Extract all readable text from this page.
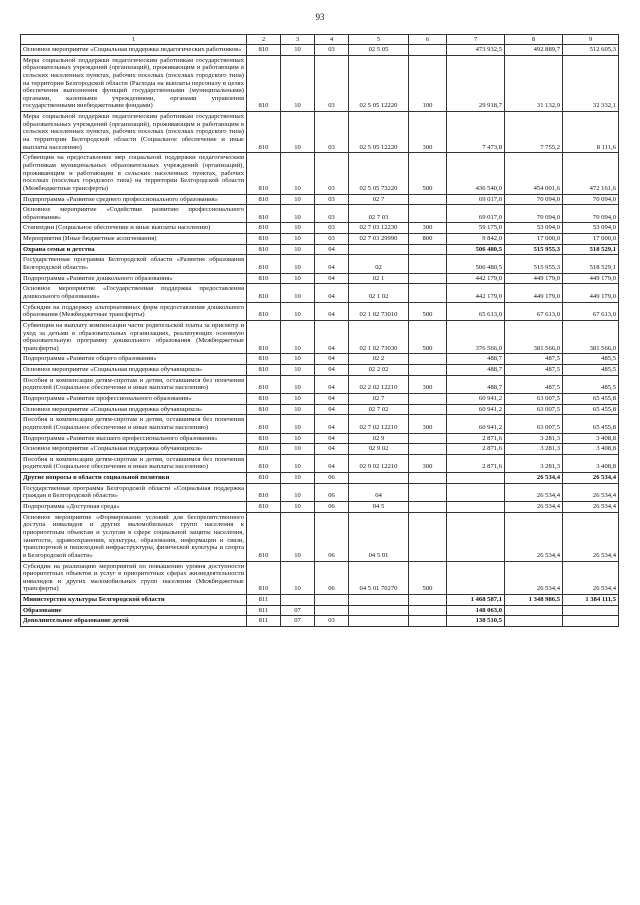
93
1	2	3	4	5	6	7	8	9
Основное мероприятие «Социальная поддержка педагогических работников»	810	10	03	02 5 05		473 932,5	492 889,7	512 605,3
Меры социальной поддержки педагогическим работникам государственных образовательных учреждений (организаций), проживающим и работающим в сельских населенных пунктах, рабочих поселках (поселках городского типа) на территории Белгородской области (Расходы на выплаты персоналу в целях обеспечения выполнения функций государственными (муниципальными) органами, казенными учреждениями, органами управления государственными внебюджетными фондами)	810	10	03	02 5 05 12220	100	29 918,7	31 132,9	32 332,1
Меры социальной поддержки педагогическим работникам государственных образовательных учреждений (организаций), проживающим и работающим в сельских населенных пунктах, рабочих поселках (поселках городского типа) на территории Белгородской области (Социальное обеспечение и иные выплаты населению)	810	10	03	02 5 05 12220	300	7 473,8	7 755,2	8 111,6
Субвенции на предоставление мер социальной поддержки педагогическим работникам муниципальных образовательных учреждений (организаций), проживающим и работающим в сельских населенных пунктах, рабочих поселках (поселках городского типа) на территории Белгородской области (Межбюджетные трансферты)	810	10	03	02 5 05 73220	500	436 540,0	454 001,6	472 161,6
Подпрограмма «Развитие среднего профессионального образования»	810	10	03	02 7		69 017,0	70 094,0	70 094,0
Основное мероприятие «Содействие развитию профессионального образования»	810	10	03	02 7 03		69 017,0	70 094,0	70 094,0
Стипендии (Социальное обеспечение и иные выплаты населению)	810	10	03	02 7 03 12230	300	59 175,0	53 094,0	53 094,0
Мероприятия (Иные бюджетные ассигнования)	810	10	03	02 7 03 29990	800	9 842,0	17 000,0	17 000,0
Охрана семьи и детства	810	10	04			506 480,5	515 955,3	518 529,1
Государственная программа Белгородской области «Развитие образования Белгородской области»	810	10	04	02		506 480,5	515 955,3	518 529,1
Подпрограмма «Развитие дошкольного образования»	810	10	04	02 1		442 179,0	449 179,0	449 179,0
Основное мероприятие «Государственная поддержка предоставления дошкольного образования»	810	10	04	02 1 02		442 179,0	449 179,0	449 179,0
Субсидии на поддержку альтернативных форм предоставления дошкольного образования (Межбюджетные трансферты)	810	10	04	02 1 02 73010	500	65 613,0	67 613,0	67 613,0
Субвенции на выплату компенсации части родительской платы за присмотр и уход за детьми в образовательных организациях, реализующих основную образовательную программу дошкольного образования (Межбюджетные трансферты)	810	10	04	02 1 02 73030	500	376 566,0	381 566,0	381 566,0
Подпрограмма «Развитие общего образования»	810	10	04	02 2		488,7	487,5	485,5
Основное мероприятие «Социальная поддержка обучающихся»	810	10	04	02 2 02		488,7	487,5	485,5
Пособия и компенсации детям-сиротам и детям, оставшимся без попечения родителей (Социальное обеспечение и иные выплаты населению)	810	10	04	02 2 02 12210	300	488,7	487,5	485,5
Подпрограмма «Развитие профессионального образования»	810	10	04	02 7		60 941,2	63 007,5	65 455,8
Основное мероприятие «Социальная поддержка обучающихся»	810	10	04	02 7 02		60 941,2	63 007,5	65 455,8
Пособия и компенсации детям-сиротам и детям, оставшимся без попечения родителей (Социальное обеспечение и иные выплаты населению)	810	10	04	02 7 02 12210	300	60 941,2	63 007,5	65 455,8
Подпрограмма «Развитие высшего профессионального образования»	810	10	04	02 9		2 871,6	3 281,3	3 408,8
Основное мероприятие «Социальная поддержка обучающихся»	810	10	04	02 9 02		2 871,6	3 281,3	3 408,8
Пособия и компенсации детям-сиротам и детям, оставшимся без попечения родителей (Социальное обеспечение и иные выплаты населению)	810	10	04	02 9 02 12210	300	2 871,6	3 281,3	3 408,8
Другие вопросы в области социальной политики	810	10	06				26 534,4	26 534,4
Государственная программа Белгородской области «Социальная поддержка граждан в Белгородской области»	810	10	06	04			26 534,4	26 534,4
Подпрограмма «Доступная среда»	810	10	06	04 5			26 534,4	26 534,4
Основное мероприятие «Формирование условий для беспрепятственного доступа инвалидов и других маломобильных групп населения к приоритетным объектам и услугам в сфере социальной защиты населения, занятости, здравоохранения, культуры, образования, информации и связи, транспортной и пешеходной инфраструктуры, физической культуры и спорта в Белгородской области»	810	10	06	04 5 01			26 534,4	26 534,4
Субсидии на реализацию мероприятий по повышению уровня доступности приоритетных объектов и услуг в приоритетных сферах жизнедеятельности инвалидов и других маломобильных групп населения (Межбюджетные трансферты)	810	10	06	04 5 01 70270	500		26 534,4	26 534,4
Министерство культуры Белгородской области	811					1 468 587,1	1 348 986,5	1 384 111,5
Образование	811	07				148 063,0		
Дополнительное образование детей	811	07	03			138 510,5		
